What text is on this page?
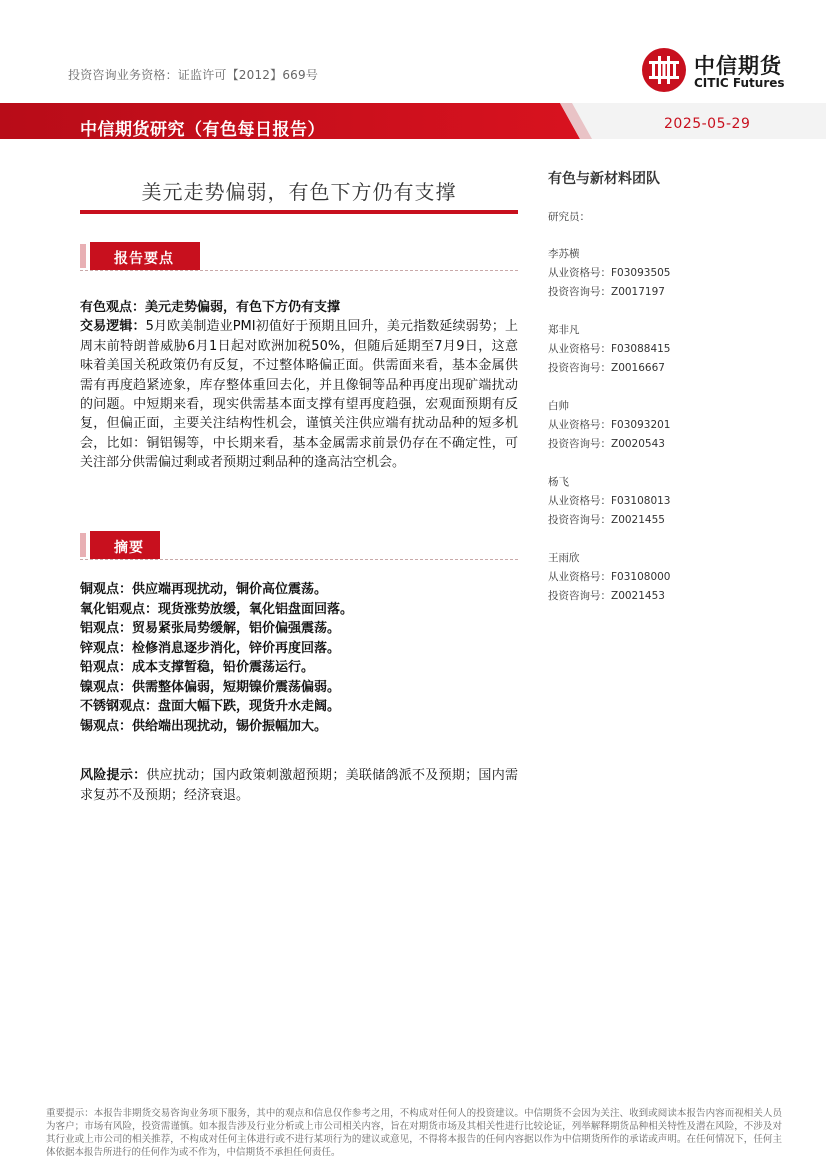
投资咨询业务资格：证监许可【2012】669号	中信期货
CITIC Futures
中信期货研究（有色每日报告）	2025-05-29
美元走势偏弱，有色下方仍有支撑
报告要点
有色观点：美元走势偏弱，有色下方仍有支撑
交易逻辑：5月欧美制造业PMI初值好于预期且回升，美元指数延续弱势；上周末前特朗普威胁6月1日起对欧洲加税50%，但随后延期至7月9日，这意味着美国关税政策仍有反复，不过整体略偏正面。供需面来看，基本金属供需有再度趋紧迹象，库存整体重回去化，并且像铜等品种再度出现矿端扰动的问题。中短期来看，现实供需基本面支撑有望再度趋强，宏观面预期有反复，但偏正面，主要关注结构性机会，谨慎关注供应端有扰动品种的短多机会，比如：铜铝锡等，中长期来看，基本金属需求前景仍存在不确定性，可关注部分供需偏过剩或者预期过剩品种的逢高沽空机会。
摘要
铜观点：供应端再现扰动，铜价高位震荡。
氧化铝观点：现货涨势放缓，氧化铝盘面回落。
铝观点：贸易紧张局势缓解，铝价偏强震荡。
锌观点：检修消息逐步消化，锌价再度回落。
铅观点：成本支撑暂稳，铅价震荡运行。
镍观点：供需整体偏弱，短期镍价震荡偏弱。
不锈钢观点：盘面大幅下跌，现货升水走阔。
锡观点：供给端出现扰动，锡价振幅加大。
风险提示：供应扰动；国内政策刺激超预期；美联储鸽派不及预期；国内需求复苏不及预期；经济衰退。
有色与新材料团队
研究员：
李苏横
从业资格号：F03093505
投资咨询号：Z0017197
郑非凡
从业资格号：F03088415
投资咨询号：Z0016667
白帅
从业资格号：F03093201
投资咨询号：Z0020543
杨飞
从业资格号：F03108013
投资咨询号：Z0021455
王雨欣
从业资格号：F03108000
投资咨询号：Z0021453
重要提示：本报告非期货交易咨询业务项下服务，其中的观点和信息仅作参考之用，不构成对任何人的投资建议。中信期货不会因为关注、收到或阅读本报告内容而视相关人员为客户；市场有风险，投资需谨慎。如本报告涉及行业分析或上市公司相关内容，旨在对期货市场及其相关性进行比较论证，列举解释期货品种相关特性及潜在风险，不涉及对其行业或上市公司的相关推荐，不构成对任何主体进行或不进行某项行为的建议或意见，不得将本报告的任何内容据以作为中信期货所作的承诺或声明。在任何情况下，任何主体依据本报告所进行的任何作为或不作为，中信期货不承担任何责任。
